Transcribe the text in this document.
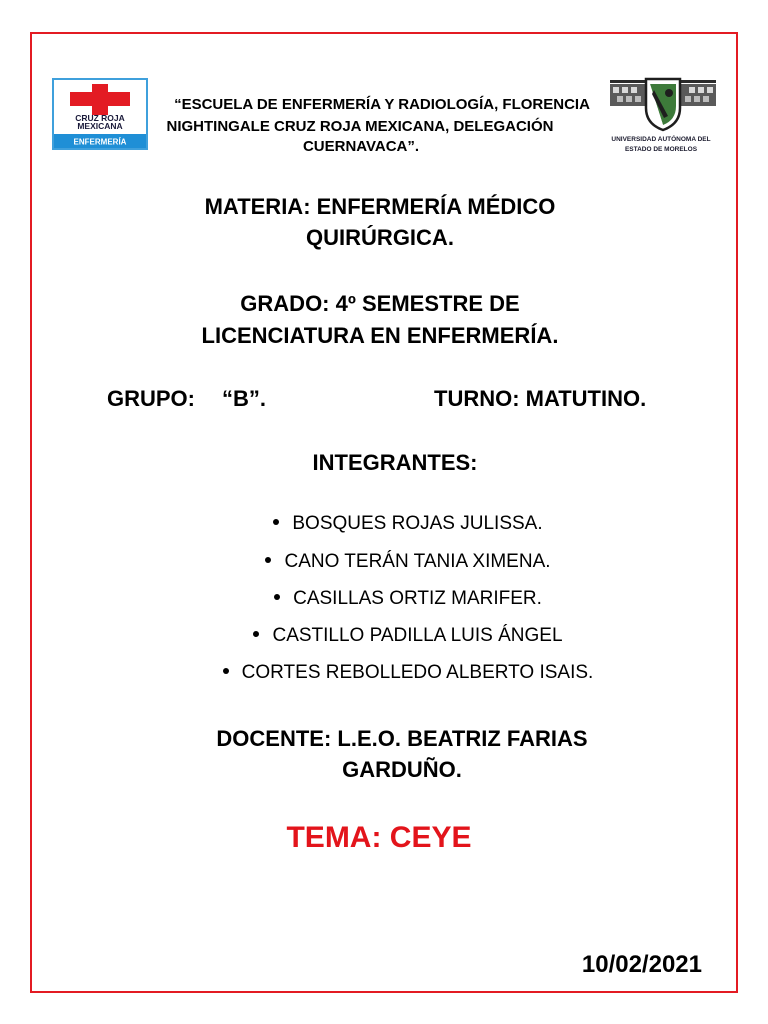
CRUZ ROJA
MEXICANA
ENFERMERÍA	UNIVERSIDAD AUTÓNOMA DEL
ESTADO DE MORELOS
“ESCUELA DE ENFERMERÍA Y RADIOLOGÍA, FLORENCIA
NIGHTINGALE CRUZ ROJA MEXICANA, DELEGACIÓN
CUERNAVACA”.
MATERIA: ENFERMERÍA MÉDICO
QUIRÚRGICA.
GRADO: 4º SEMESTRE DE
LICENCIATURA EN ENFERMERÍA.
GRUPO: “B”.	TURNO: MATUTINO.
INTEGRANTES:
BOSQUES ROJAS JULISSA.
CANO TERÁN TANIA XIMENA.
CASILLAS ORTIZ MARIFER.
CASTILLO PADILLA LUIS ÁNGEL
CORTES REBOLLEDO ALBERTO ISAIS.
DOCENTE: L.E.O. BEATRIZ FARIAS
GARDUÑO.
TEMA: CEYE
10/02/2021
